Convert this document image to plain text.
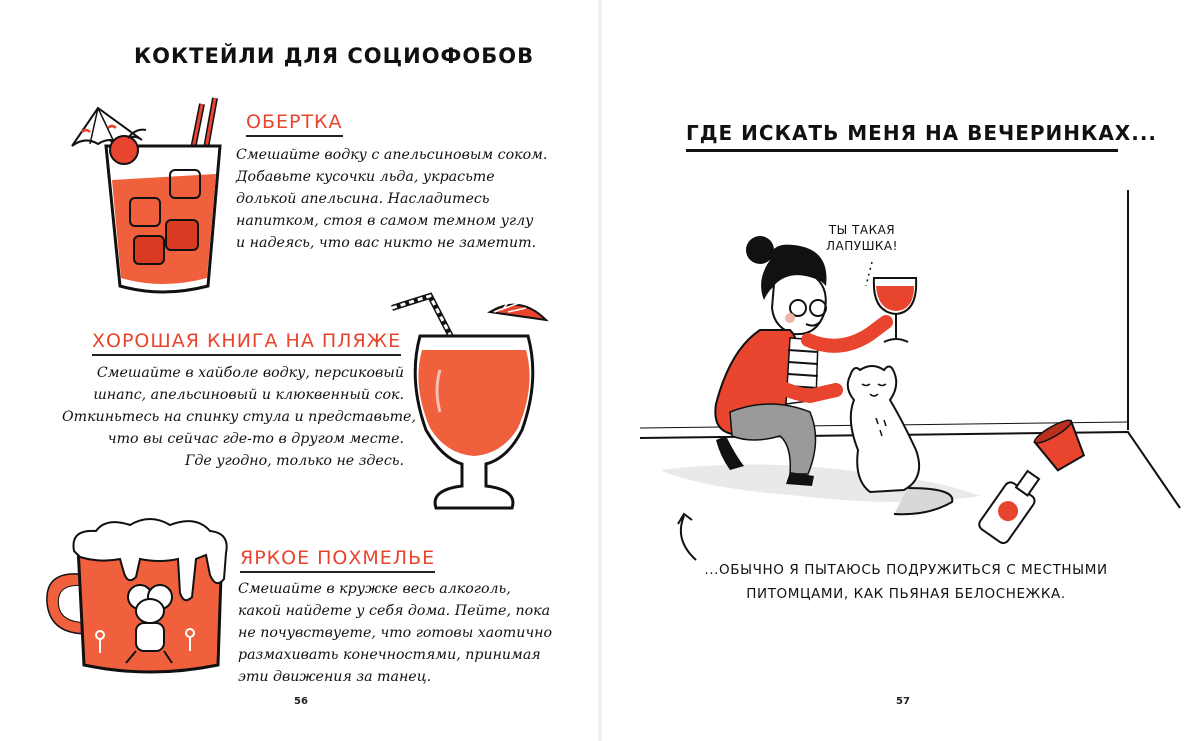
КОКТЕЙЛИ ДЛЯ СОЦИОФОБОВ
ОБЕРТКА
Смешайте водку с апельсиновым соком.
Добавьте кусочки льда, украсьте
долькой апельсина. Насладитесь
напитком, стоя в самом темном углу
и надеясь, что вас никто не заметит.
ХОРОШАЯ КНИГА НА ПЛЯЖЕ
Смешайте в хайболе водку, персиковый
шнапс, апельсиновый и клюквенный сок.
Откиньтесь на спинку стула и представьте,
что вы сейчас где-то в другом месте.
Где угодно, только не здесь.
ЯРКОЕ ПОХМЕЛЬЕ
Смешайте в кружке весь алкоголь,
какой найдете у себя дома. Пейте, пока
не почувствуете, что готовы хаотично
размахивать конечностями, принимая
эти движения за танец.
56
ГДЕ ИСКАТЬ МЕНЯ НА ВЕЧЕРИНКАХ...
ТЫ ТАКАЯ
ЛАПУШКА!
...ОБЫЧНО Я ПЫТАЮСЬ ПОДРУЖИТЬСЯ С МЕСТНЫМИ
ПИТОМЦАМИ, КАК ПЬЯНАЯ БЕЛОСНЕЖКА.
57
